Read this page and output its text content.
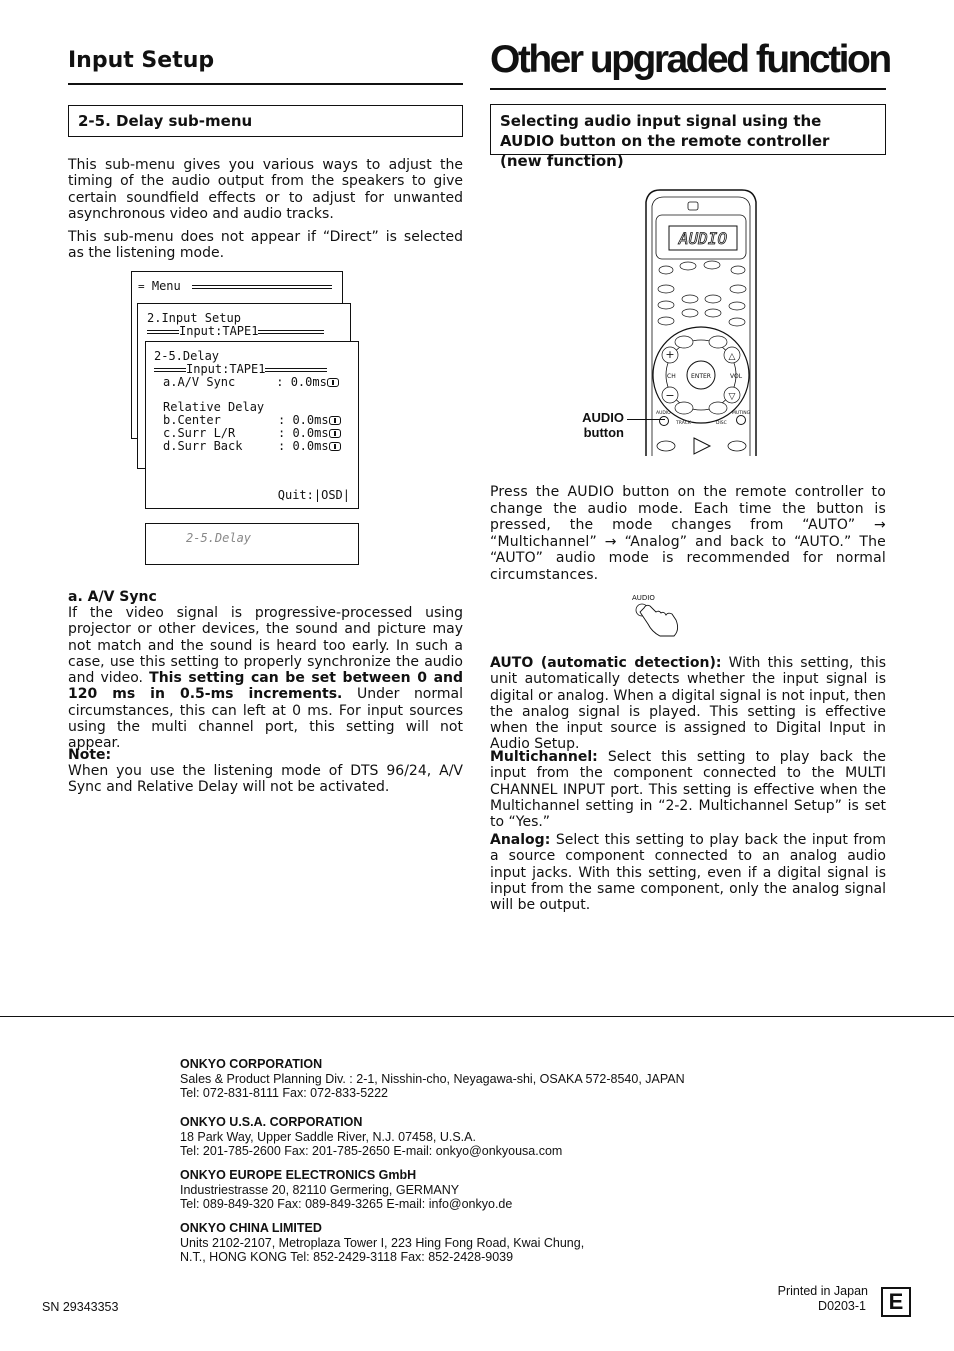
Input Setup
2-5. Delay sub-menu
This sub-menu gives you various ways to adjust the timing of the audio output from the speakers to give certain soundfield effects or to adjust for unwanted asynchronous video and audio tracks.
This sub-menu does not appear if “Direct” is selected as the listening mode.
= Menu
2.Input Setup
Input:TAPE1
2-5.Delay
Input:TAPE1
a.A/V Sync	: 0.0ms
Relative Delay
b.Center	: 0.0ms
c.Surr L/R	: 0.0ms
d.Surr Back	: 0.0ms
Quit:|OSD|
2-5.Delay
a. A/V Sync
If the video signal is progressive-processed using projector or other devices, the sound and picture may not match and the sound is heard too early. In such a case, use this setting to properly synchronize the audio and video. This setting can be set between 0 and 120 ms in 0.5-ms increments. Under normal circumstances, this can left at 0 ms. For input sources using the multi channel port, this setting will not appear.
Note:
When you use the listening mode of DTS 96/24, A/V Sync and Relative Delay will not be activated.
Other upgraded function
Selecting audio input signal using the AUDIO button on the remote controller (new function)
AUDIO
ENTER
+
−
△
▽
CH	VOL
AUDIO	MUTING
TRACK	DISC
AUDIO button
Press the AUDIO button on the remote controller to change the audio mode. Each time the button is pressed, the mode changes from “AUTO” → “Multichannel” → “Analog” and back to “AUTO.” The “AUTO” audio mode is recommended for normal circumstances.
AUDIO
AUTO (automatic detection): With this setting, this unit automatically detects whether the input signal is digital or analog. When a digital signal is not input, then the analog signal is played. This setting is effective when the input source is assigned to Digital Input in Audio Setup.
Multichannel: Select this setting to play back the input from the component connected to the MULTI CHANNEL INPUT port. This setting is effective when the Multichannel setting in “2-2. Multichannel Setup” is set to “Yes.”
Analog: Select this setting to play back the input from a source component connected to an analog audio input jacks. With this setting, even if a digital signal is input from the same component, only the analog signal will be output.
ONKYO CORPORATION
Sales & Product Planning Div. : 2-1, Nisshin-cho, Neyagawa-shi, OSAKA 572-8540, JAPAN
Tel: 072-831-8111 Fax: 072-833-5222
ONKYO U.S.A. CORPORATION
18 Park Way, Upper Saddle River, N.J. 07458, U.S.A.
Tel: 201-785-2600 Fax: 201-785-2650 E-mail: onkyo@onkyousa.com
ONKYO EUROPE ELECTRONICS GmbH
Industriestrasse 20, 82110 Germering, GERMANY
Tel: 089-849-320 Fax: 089-849-3265 E-mail: info@onkyo.de
ONKYO CHINA LIMITED
Units 2102-2107, Metroplaza Tower I, 223 Hing Fong Road, Kwai Chung,
N.T., HONG KONG Tel: 852-2429-3118 Fax: 852-2428-9039
SN 29343353
Printed in Japan
D0203-1	E
